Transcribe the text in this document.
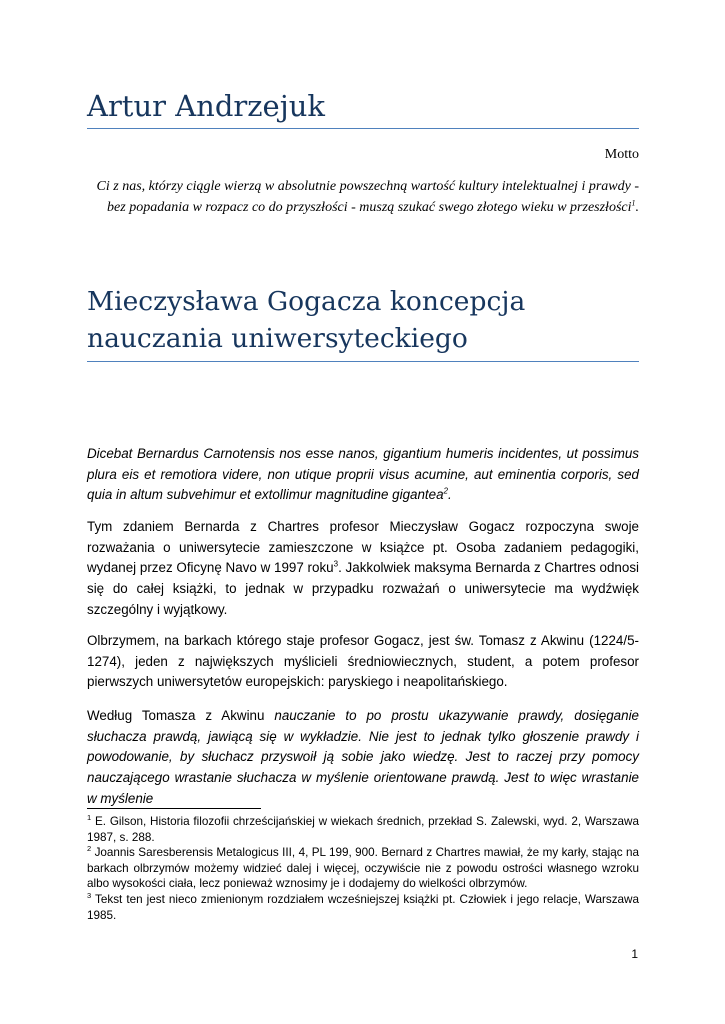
Artur Andrzejuk
Motto
Ci z nas, którzy ciągle wierzą w absolutnie powszechną wartość kultury intelektualnej i prawdy - bez popadania w rozpacz co do przyszłości - muszą szukać swego złotego wieku w przeszłości$^1$.
Mieczysława Gogacza koncepcja nauczania uniwersyteckiego

Dicebat Bernardus Carnotensis nos esse nanos, gigantium humeris incidentes, ut possimus plura eis et remotiora videre, non utique proprii visus acumine, aut eminentia corporis, sed quia in altum subvehimur et extollimur magnitudine gigantea$^2$.

Tym zdaniem Bernarda z Chartres profesor Mieczysław Gogacz rozpoczyna swoje rozważania o uniwersytecie zamieszczone w książce pt. Osoba zadaniem pedagogiki, wydanej przez Oficynę Navo w 1997 roku$^3$. Jakkolwiek maksyma Bernarda z Chartres odnosi się do całej książki, to jednak w przypadku rozważań o uniwersytecie ma wydźwięk szczególny i wyjątkowy.

Olbrzymem, na barkach którego staje profesor Gogacz, jest św. Tomasz z Akwinu (1224/5-1274), jeden z największych myślicieli średniowiecznych, student, a potem profesor pierwszych uniwersytetów europejskich: paryskiego i neapolitańskiego.

Według Tomasza z Akwinu nauczanie to po prostu ukazywanie prawdy, dosięganie słuchacza prawdą, jawiącą się w wykładzie. Nie jest to jednak tylko głoszenie prawdy i powodowanie, by słuchacz przyswoił ją sobie jako wiedzę. Jest to raczej przy pomocy nauczającego wrastanie słuchacza w myślenie orientowane prawdą. Jest to więc wrastanie w myślenie

$^1$ E. Gilson, Historia filozofii chrześcijańskiej w wiekach średnich, przekład S. Zalewski, wyd. 2, Warszawa 1987, s. 288.

$^2$ Joannis Saresberensis Metalogicus III, 4, PL 199, 900. Bernard z Chartres mawiał, że my karły, stając na barkach olbrzymów możemy widzieć dalej i więcej, oczywiście nie z powodu ostrości własnego wzroku albo wysokości ciała, lecz ponieważ wznosimy je i dodajemy do wielkości olbrzymów.

$^3$ Tekst ten jest nieco zmienionym rozdziałem wcześniejszej książki pt. Człowiek i jego relacje, Warszawa 1985.

1
